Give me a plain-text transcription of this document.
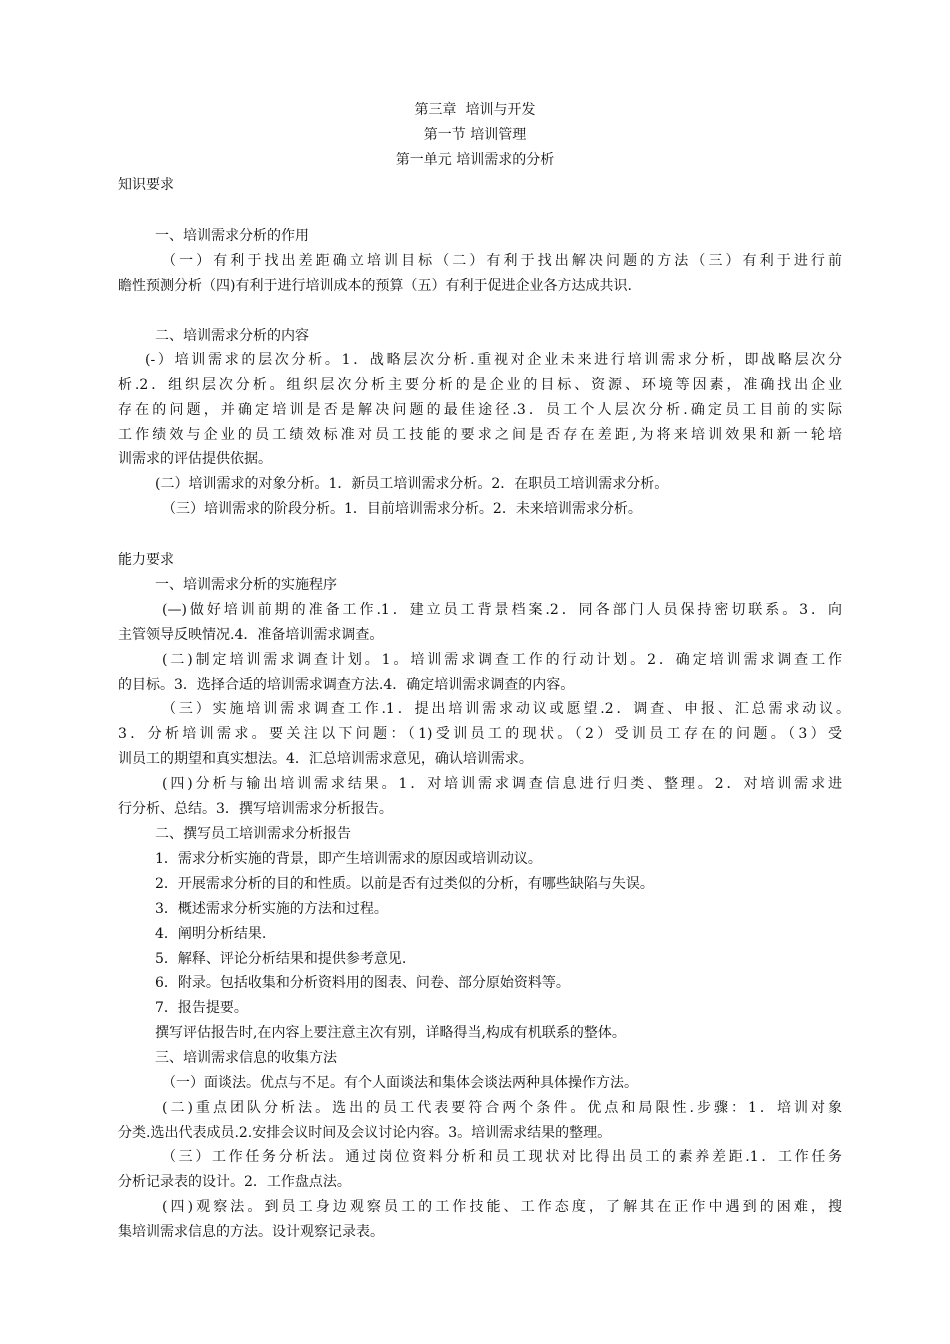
第三章  培训与开发
第一节 培训管理
第一单元 培训需求的分析
知识要求
一、培训需求分析的作用
（一）有利于找出差距确立培训目标（二）有利于找出解决问题的方法（三）有利于进行前
瞻性预测分析（四)有利于进行培训成本的预算（五）有利于促进企业各方达成共识.
二、培训需求分析的内容
(-）培训需求的层次分析。1．战略层次分析.重视对企业未来进行培训需求分析，即战略层次分
析.2．组织层次分析。组织层次分析主要分析的是企业的目标、资源、环境等因素，准确找出企业
存在的问题，并确定培训是否是解决问题的最佳途径.3．员工个人层次分析.确定员工目前的实际
工作绩效与企业的员工绩效标准对员工技能的要求之间是否存在差距,为将来培训效果和新一轮培
训需求的评估提供依据。
(二）培训需求的对象分析。1．新员工培训需求分析。2．在职员工培训需求分析。
（三）培训需求的阶段分析。1．目前培训需求分析。2．未来培训需求分析。
能力要求
一、培训需求分析的实施程序
(—)做好培训前期的准备工作.1．建立员工背景档案.2．同各部门人员保持密切联系。3．向
主管领导反映情况.4．准备培训需求调查。
(二)制定培训需求调查计划。1。培训需求调查工作的行动计划。2．确定培训需求调查工作
的目标。3．选择合适的培训需求调查方法.4．确定培训需求调查的内容。
（三）实施培训需求调查工作.1．提出培训需求动议或愿望.2．调查、申报、汇总需求动议。
3．分析培训需求。要关注以下问题：（1)受训员工的现状。（2）受训员工存在的问题。（3）受
训员工的期望和真实想法。4．汇总培训需求意见，确认培训需求。
(四)分析与输出培训需求结果。1．对培训需求调查信息进行归类、整理。2．对培训需求进
行分析、总结。3．撰写培训需求分析报告。
二、撰写员工培训需求分析报告
1．需求分析实施的背景，即产生培训需求的原因或培训动议。
2．开展需求分析的目的和性质。以前是否有过类似的分析，有哪些缺陷与失误。
3．概述需求分析实施的方法和过程。
4．阐明分析结果.
5．解释、评论分析结果和提供参考意见.
6．附录。包括收集和分析资料用的图表、问卷、部分原始资料等。
7．报告提要。
撰写评估报告时,在内容上要注意主次有别，详略得当,构成有机联系的整体。
三、培训需求信息的收集方法
（一）面谈法。优点与不足。有个人面谈法和集体会谈法两种具体操作方法。
(二)重点团队分析法。选出的员工代表要符合两个条件。优点和局限性.步骤：1．培训对象
分类.选出代表成员.2.安排会议时间及会议讨论内容。3。培训需求结果的整理。
（三）工作任务分析法。通过岗位资料分析和员工现状对比得出员工的素养差距.1．工作任务
分析记录表的设计。2．工作盘点法。
(四)观察法。到员工身边观察员工的工作技能、工作态度，了解其在正作中遇到的困难，搜
集培训需求信息的方法。设计观察记录表。
